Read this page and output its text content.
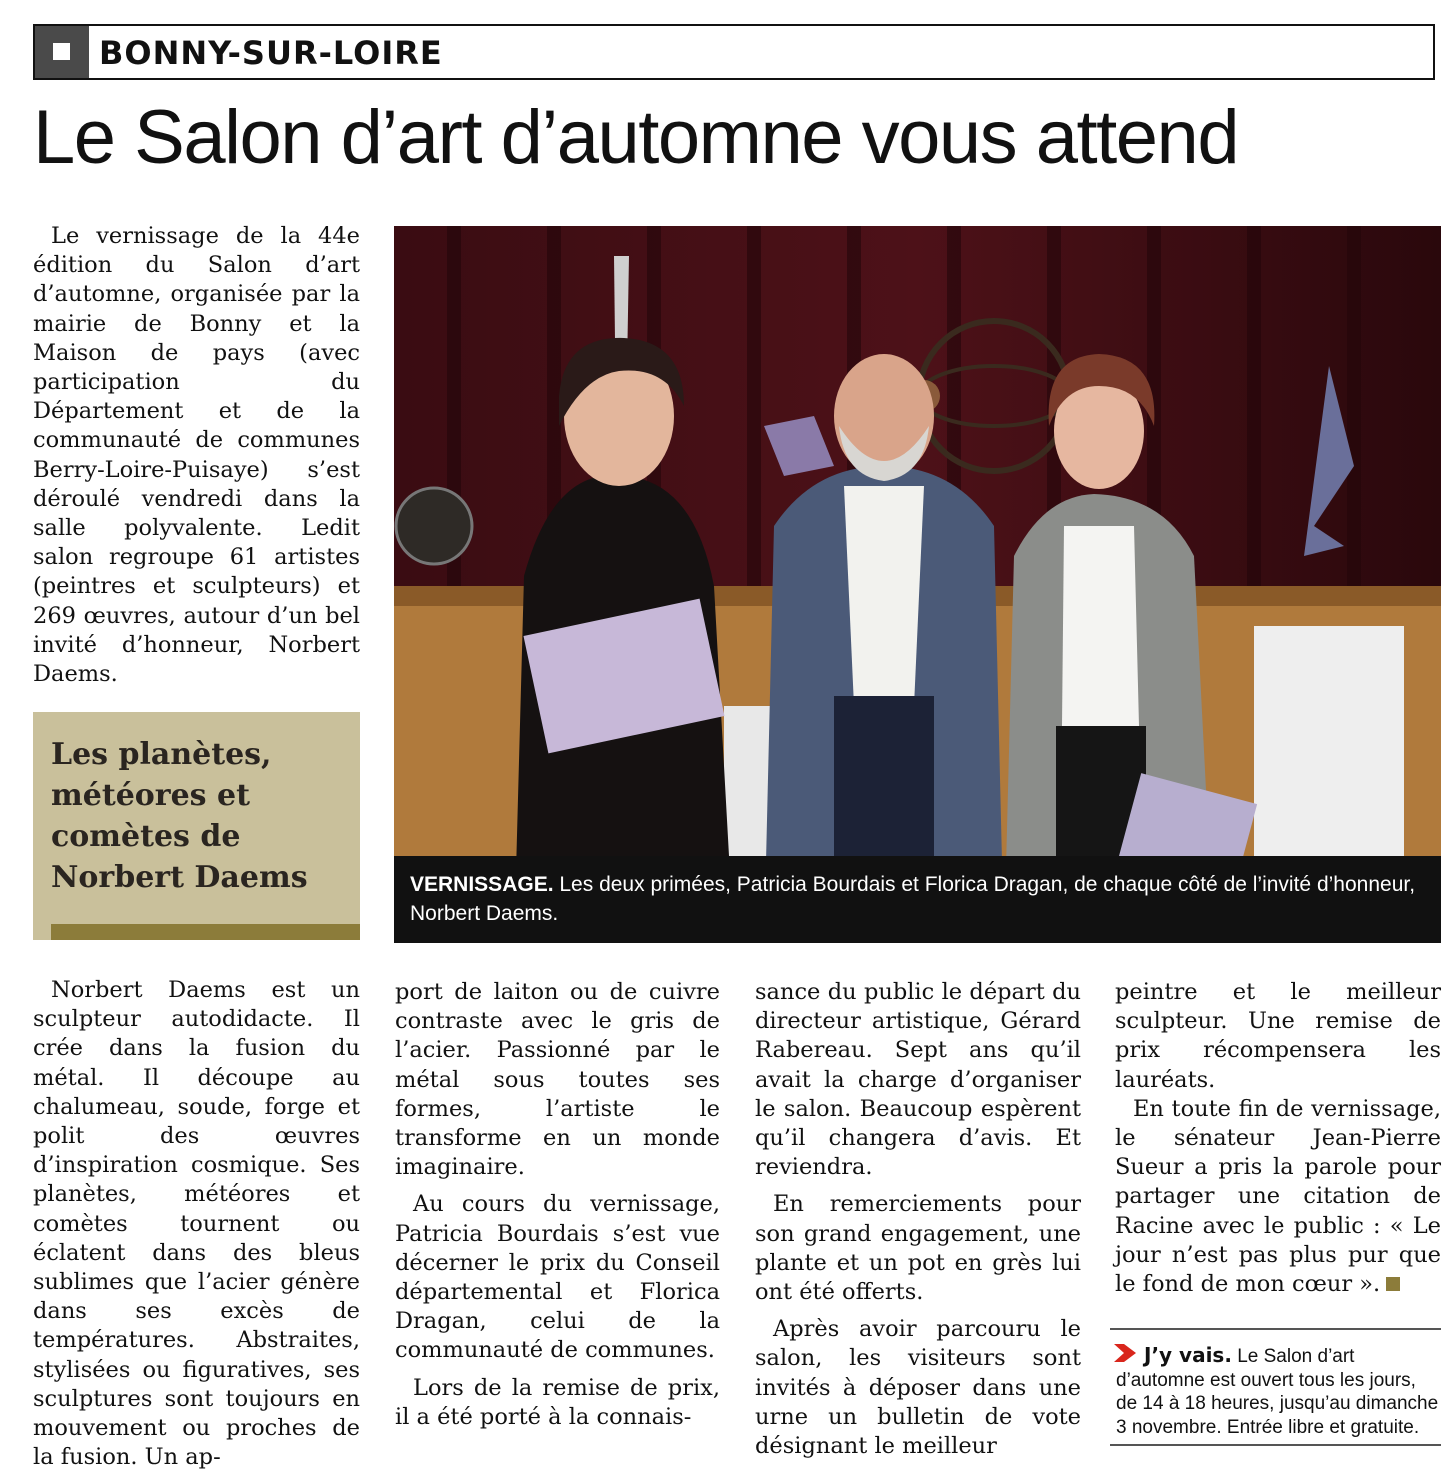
BONNY-SUR-LOIRE
Le Salon d’art d’automne vous attend

Le vernissage de la 44e édition du Salon d’art d’automne, organisée par la mairie de Bonny et la Maison de pays (avec participation du Département et de la communauté de communes Berry-Loire-Puisaye) s’est déroulé vendredi dans la salle polyvalente. Ledit salon regroupe 61 artistes (peintres et sculpteurs) et 269 œuvres, autour d’un bel invité d’honneur, Norbert Daems.

Les planètes, météores et comètes de Norbert Daems	VERNISSAGE. Les deux primées, Patricia Bourdais et Florica Dragan, de chaque côté de l’invité d’honneur, Norbert Daems.

Norbert Daems est un sculpteur autodidacte. Il crée dans la fusion du métal. Il découpe au chalumeau, soude, forge et polit des œuvres d’inspiration cosmique. Ses planètes, météores et comètes tournent ou éclatent dans des bleus sublimes que l’acier génère dans ses excès de températures. Abstraites, stylisées ou figuratives, ses sculptures sont toujours en mouvement ou proches de la fusion. Un ap-

port de laiton ou de cuivre contraste avec le gris de l’acier. Passionné par le métal sous toutes ses formes, l’artiste le transforme en un monde imaginaire.

Au cours du vernissage, Patricia Bourdais s’est vue décerner le prix du Conseil départemental et Florica Dragan, celui de la communauté de communes.

Lors de la remise de prix, il a été porté à la connais-

sance du public le départ du directeur artistique, Gérard Rabereau. Sept ans qu’il avait la charge d’organiser le salon. Beaucoup espèrent qu’il changera d’avis. Et reviendra.

En remerciements pour son grand engagement, une plante et un pot en grès lui ont été offerts.

Après avoir parcouru le salon, les visiteurs sont invités à déposer dans une urne un bulletin de vote désignant le meilleur

peintre et le meilleur sculpteur. Une remise de prix récompensera les lauréats.

En toute fin de vernissage, le sénateur Jean-Pierre Sueur a pris la parole pour partager une citation de Racine avec le public : « Le jour n’est pas plus pur que le fond de mon cœur ».

J’y vais. Le Salon d’art d’automne est ouvert tous les jours, de 14 à 18 heures, jusqu’au dimanche 3 novembre. Entrée libre et gratuite.
